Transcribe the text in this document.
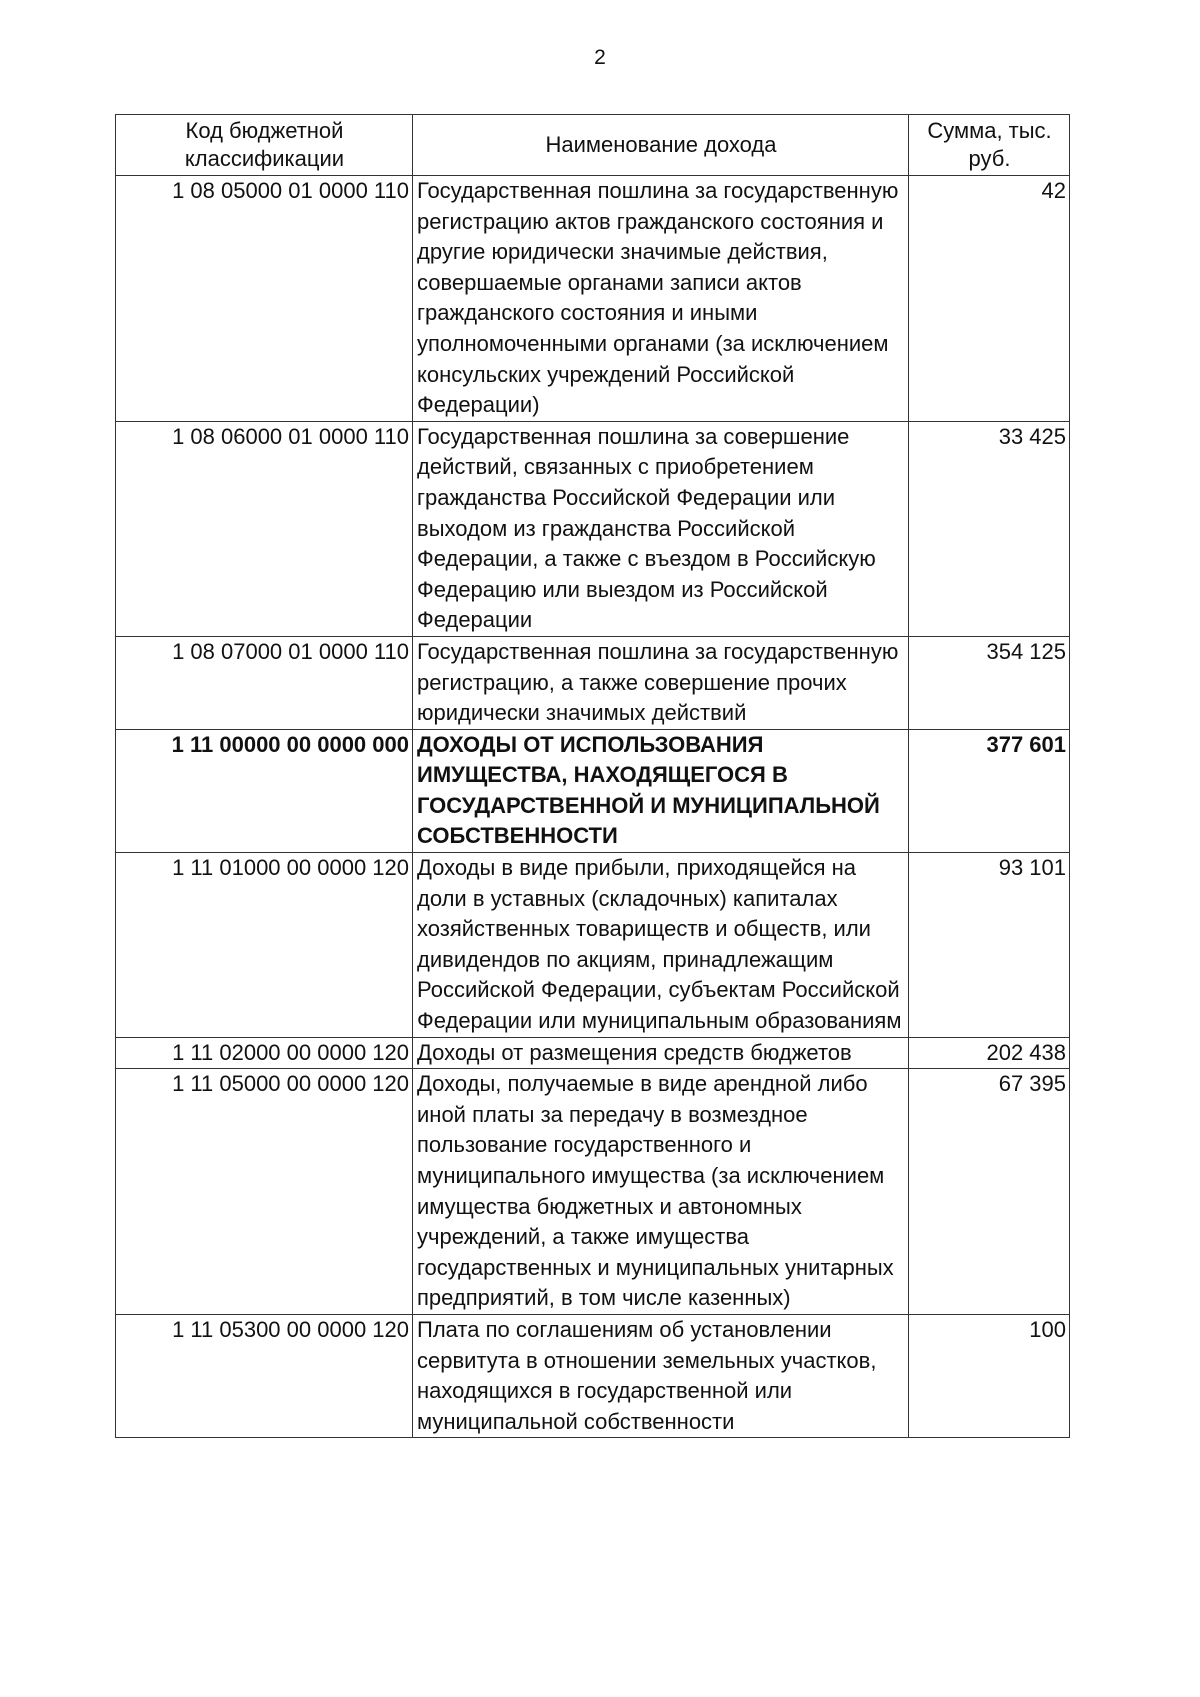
2
Код бюджетной классификации	Наименование дохода	Сумма, тыс. руб.
1 08 05000 01 0000 110	Государственная пошлина за государственную регистрацию актов гражданского состояния и другие юридически значимые действия, совершаемые органами записи актов гражданского состояния и иными уполномоченными органами (за исключением консульских учреждений Российской Федерации)	42
1 08 06000 01 0000 110	Государственная пошлина за совершение действий, связанных с приобретением гражданства Российской Федерации или выходом из гражданства Российской Федерации, а также с въездом в Российскую Федерацию или выездом из Российской Федерации	33 425
1 08 07000 01 0000 110	Государственная пошлина за государственную регистрацию, а также совершение прочих юридически значимых действий	354 125
1 11 00000 00 0000 000	ДОХОДЫ ОТ ИСПОЛЬЗОВАНИЯ ИМУЩЕСТВА, НАХОДЯЩЕГОСЯ В ГОСУДАРСТВЕННОЙ И МУНИЦИПАЛЬНОЙ СОБСТВЕННОСТИ	377 601
1 11 01000 00 0000 120	Доходы в виде прибыли, приходящейся на доли в уставных (складочных) капиталах хозяйственных товариществ и обществ, или дивидендов по акциям, принадлежащим Российской Федерации, субъектам Российской Федерации или муниципальным образованиям	93 101
1 11 02000 00 0000 120	Доходы от размещения средств бюджетов	202 438
1 11 05000 00 0000 120	Доходы, получаемые в виде арендной либо иной платы за передачу в возмездное пользование государственного и муниципального имущества (за исключением имущества бюджетных и автономных учреждений, а также имущества государственных и муниципальных унитарных предприятий, в том числе казенных)	67 395
1 11 05300 00 0000 120	Плата по соглашениям об установлении сервитута в отношении земельных участков, находящихся в государственной или муниципальной собственности	100
